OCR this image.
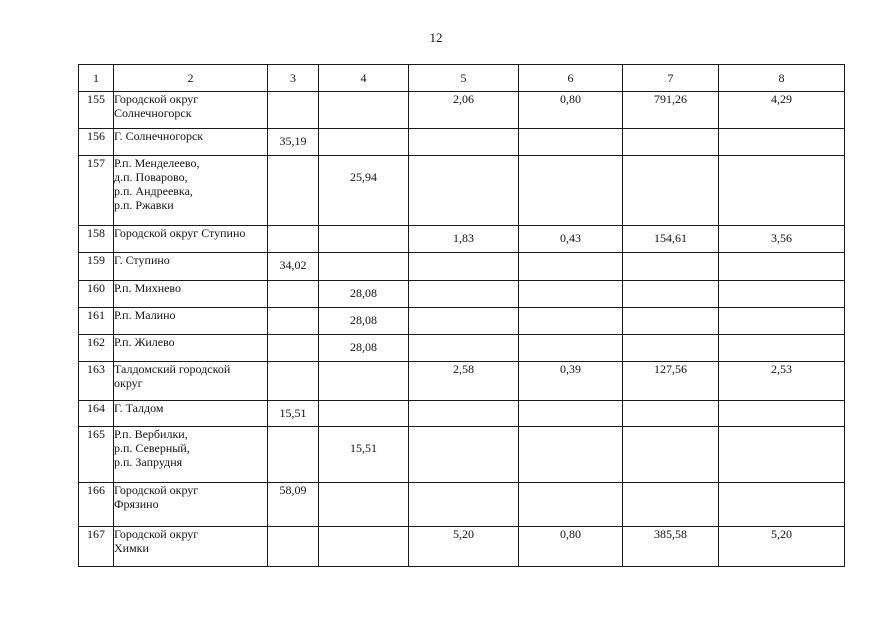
12
1	2	3	4	5	6	7	8
155	Городской округ
Солнечногорск			2,06	0,80	791,26	4,29
156	Г. Солнечногорск	35,19					
157	Р.п. Менделеево,
д.п. Поварово,
р.п. Андреевка,
р.п. Ржавки		25,94				
158	Городской округ Ступино			1,83	0,43	154,61	3,56
159	Г. Ступино	34,02					
160	Р.п. Михнево		28,08				
161	Р.п. Малино		28,08				
162	Р.п. Жилево		28,08				
163	Талдомский городской
округ			2,58	0,39	127,56	2,53
164	Г. Талдом	15,51					
165	Р.п. Вербилки,
р.п. Северный,
р.п. Запрудня		15,51				
166	Городской округ
Фрязино	58,09					
167	Городской округ
Химки			5,20	0,80	385,58	5,20
